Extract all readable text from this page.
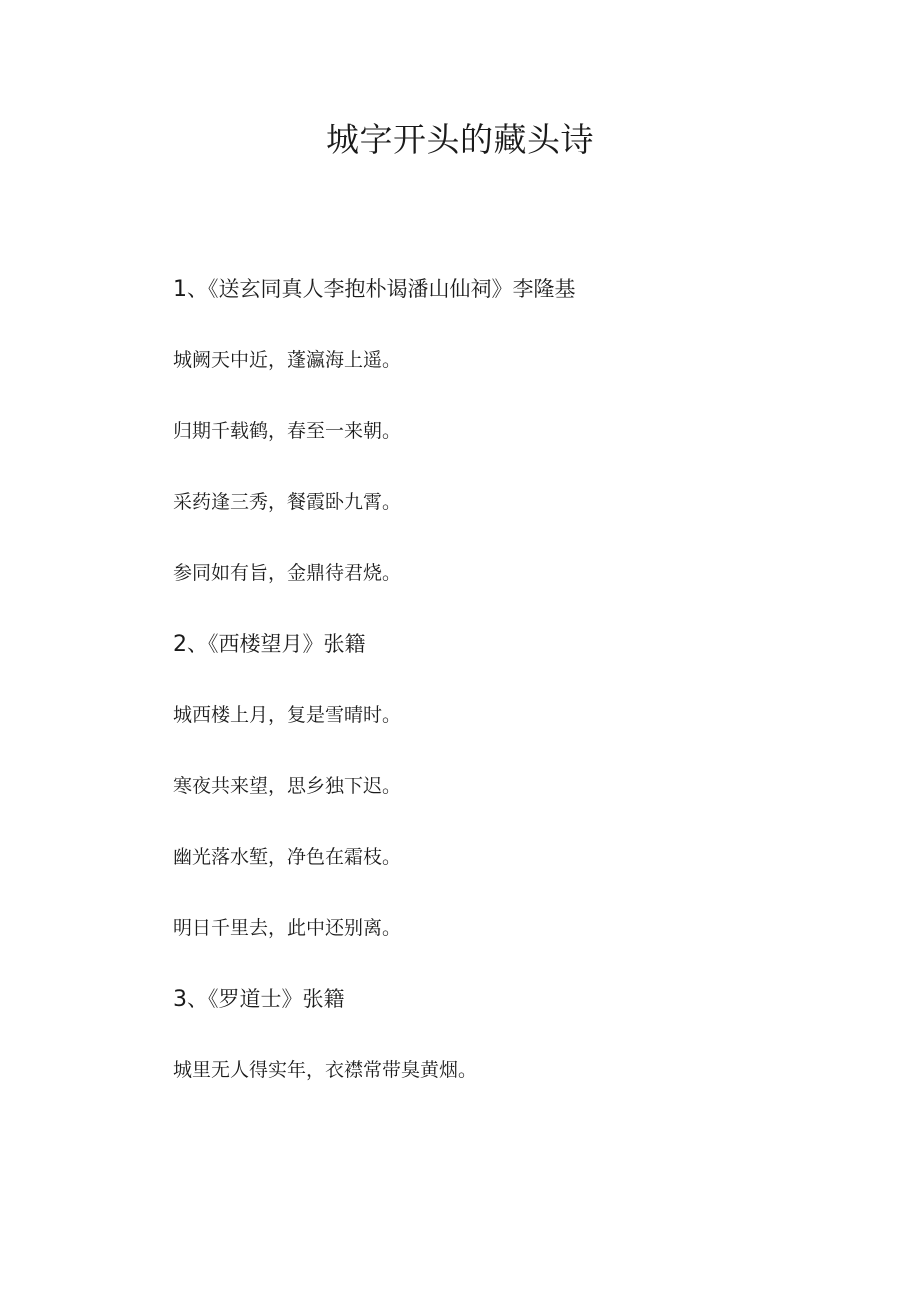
城字开头的藏头诗
1、《送玄同真人李抱朴谒潘山仙祠》李隆基
城阙天中近，蓬瀛海上遥。
归期千载鹤，春至一来朝。
采药逢三秀，餐霞卧九霄。
参同如有旨，金鼎待君烧。
2、《西楼望月》张籍
城西楼上月，复是雪晴时。
寒夜共来望，思乡独下迟。
幽光落水堑，净色在霜枝。
明日千里去，此中还别离。
3、《罗道士》张籍
城里无人得实年，衣襟常带臭黄烟。
